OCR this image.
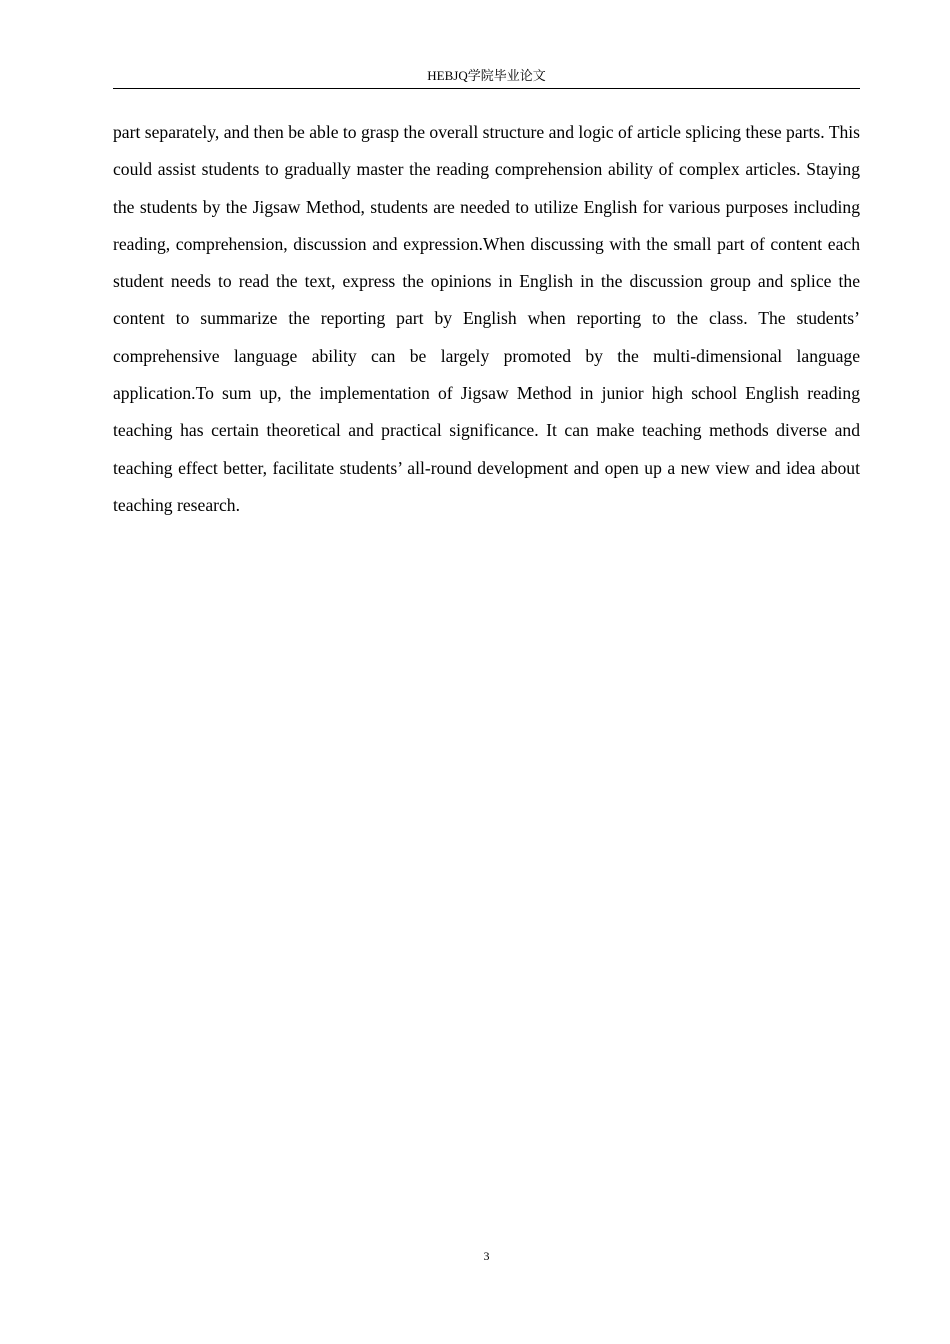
HEBJQ学院毕业论文

part separately, and then be able to grasp the overall structure and logic of article splicing these parts. This could assist students to gradually master the reading comprehension ability of complex articles. Staying the students by the Jigsaw Method, students are needed to utilize English for various purposes including reading, comprehension, discussion and expression.When discussing with the small part of content each student needs to read the text, express the opinions in English in the discussion group and splice the content to summarize the reporting part by English when reporting to the class. The students’ comprehensive language ability can be largely promoted by the multi-dimensional language application.To sum up, the implementation of Jigsaw Method in junior high school English reading teaching has certain theoretical and practical significance. It can make teaching methods diverse and teaching effect better, facilitate students’ all-round development and open up a new view and idea about teaching research.

3
